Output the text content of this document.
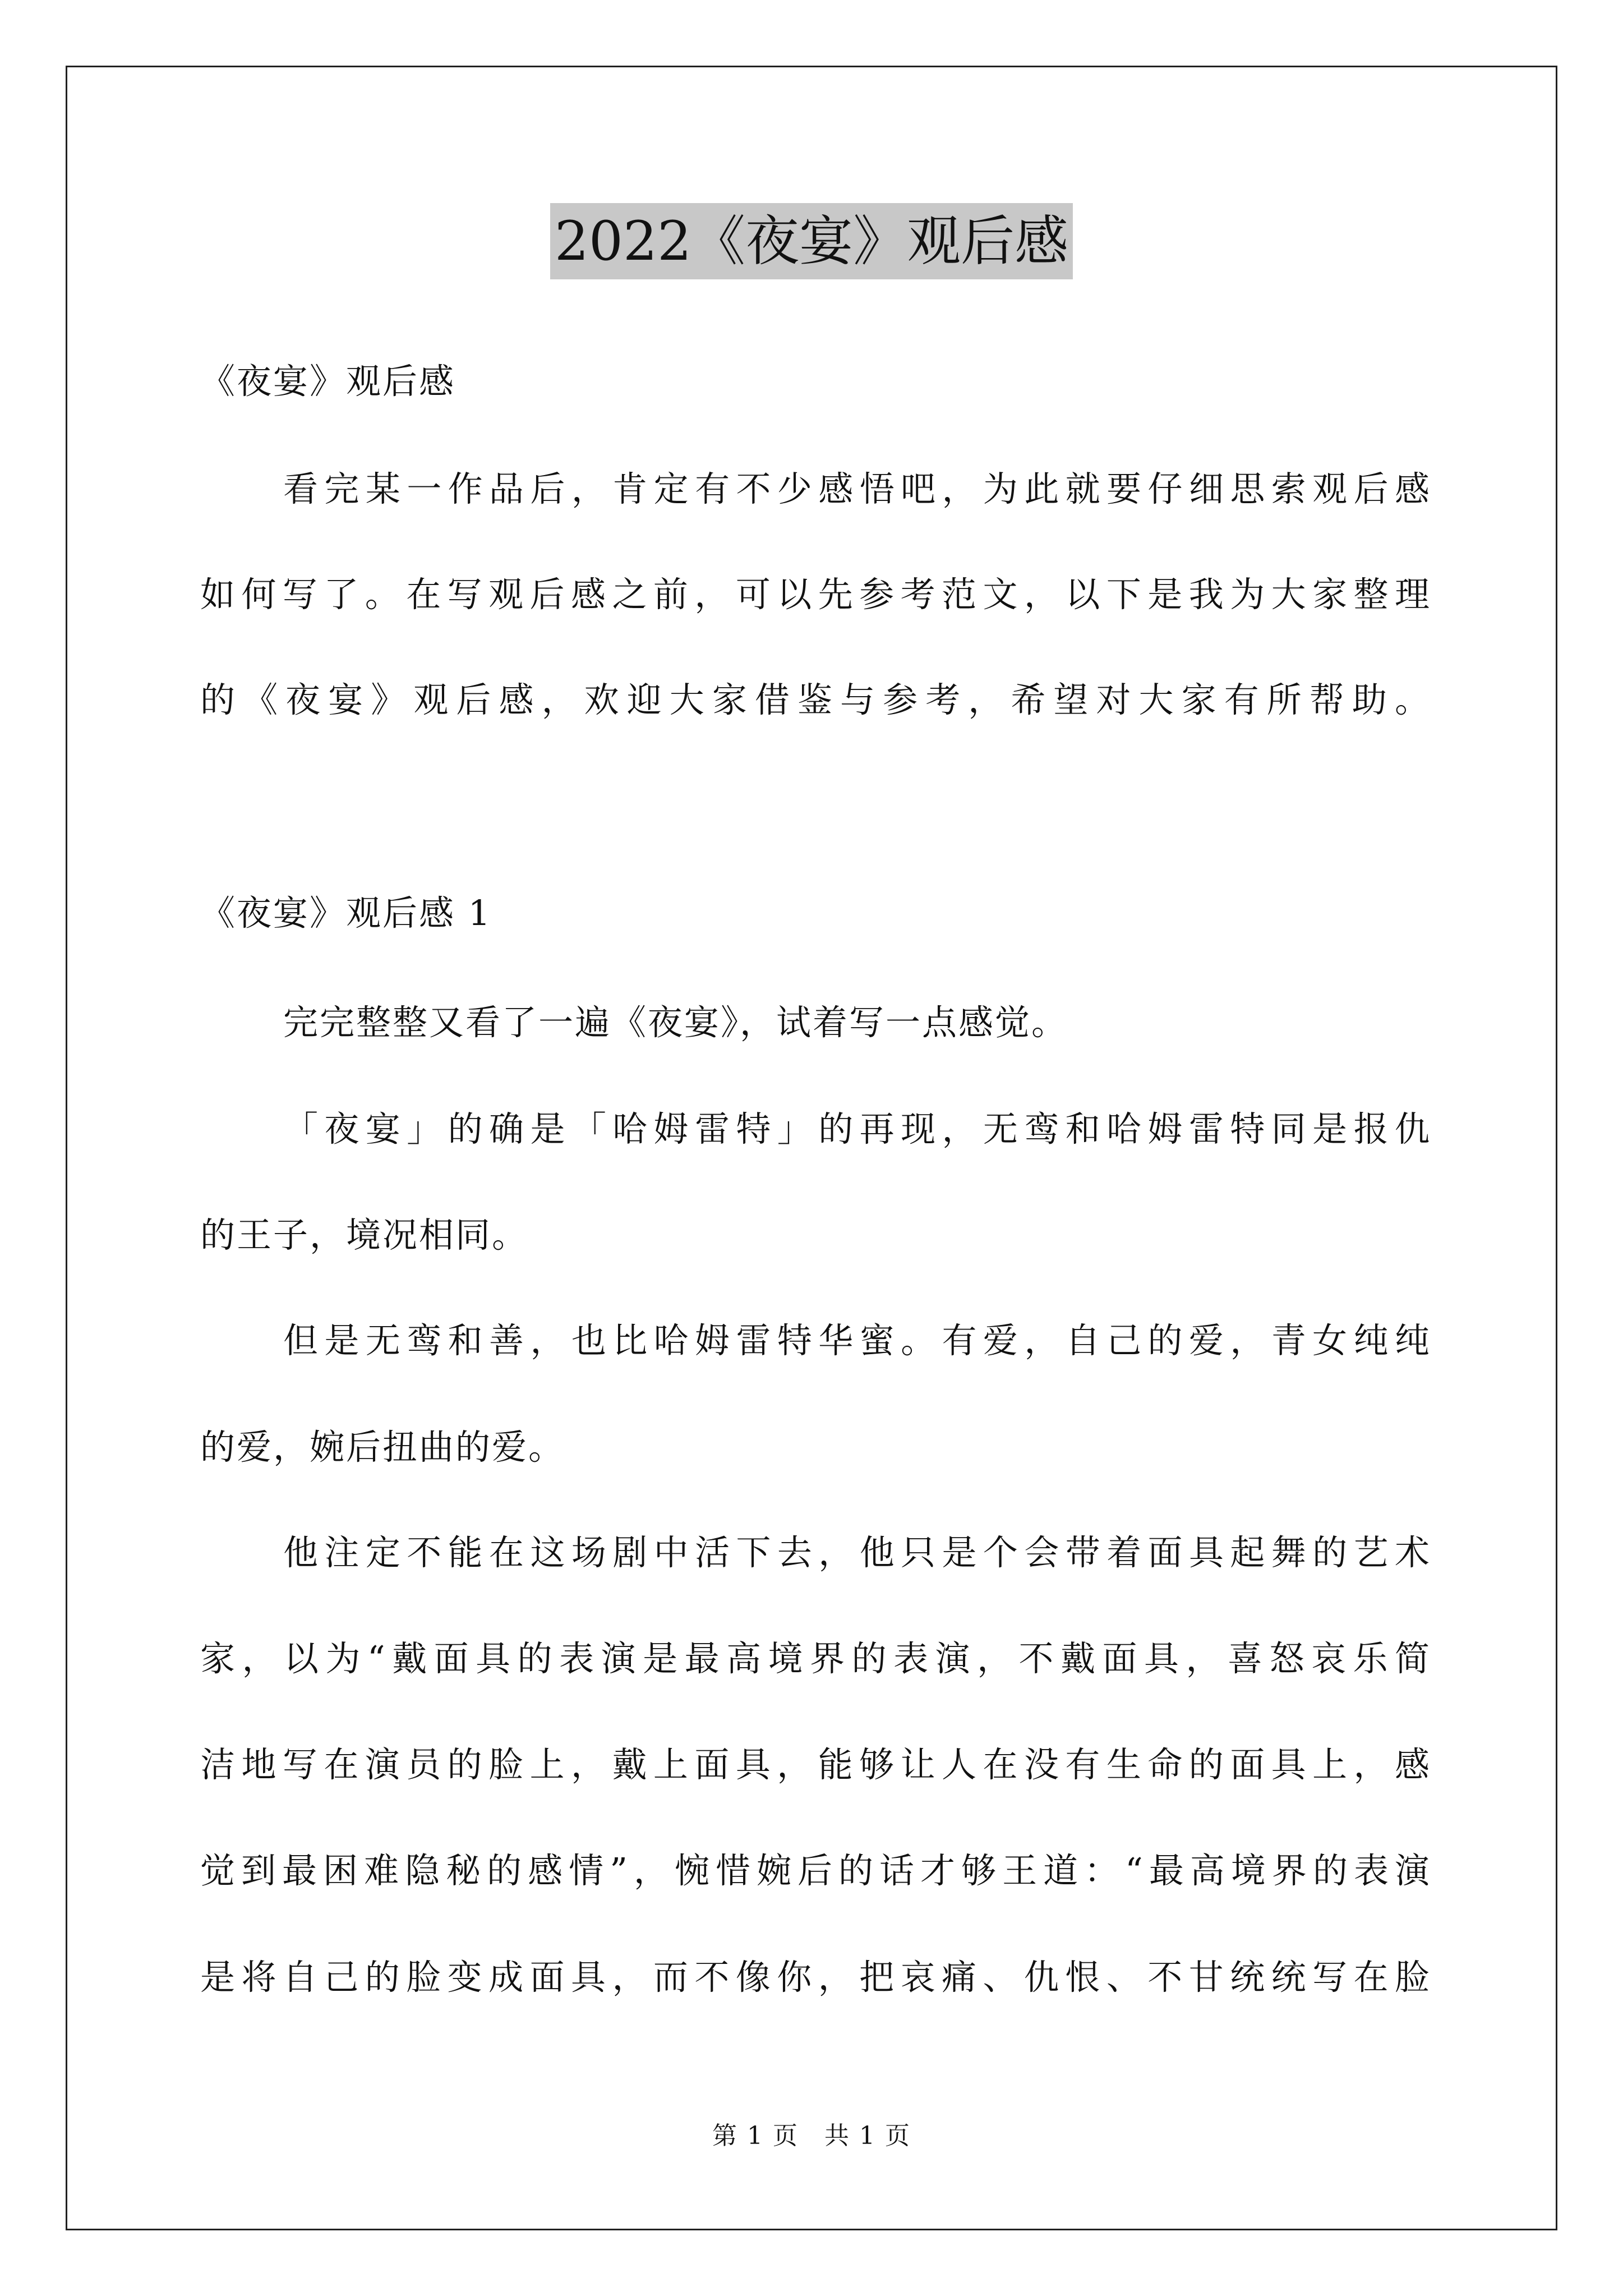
2022《夜宴》观后感
《夜宴》观后感
看完某一作品后，肯定有不少感悟吧，为此就要仔细思索观后感
如何写了。在写观后感之前，可以先参考范文，以下是我为大家整理
的《夜宴》观后感，欢迎大家借鉴与参考，希望对大家有所帮助。
《夜宴》观后感 1
完完整整又看了一遍《夜宴》，试着写一点感觉。
「夜宴」的确是「哈姆雷特」的再现，无鸾和哈姆雷特同是报仇
的王子，境况相同。
但是无鸾和善，也比哈姆雷特华蜜。有爱，自己的爱，青女纯纯
的爱，婉后扭曲的爱。
他注定不能在这场剧中活下去，他只是个会带着面具起舞的艺术
家，以为“戴面具的表演是最高境界的表演，不戴面具，喜怒哀乐简
洁地写在演员的脸上，戴上面具，能够让人在没有生命的面具上，感
觉到最困难隐秘的感情”，惋惜婉后的话才够王道：“最高境界的表演
是将自己的脸变成面具，而不像你，把哀痛、仇恨、不甘统统写在脸
第 1 页　共 1 页
